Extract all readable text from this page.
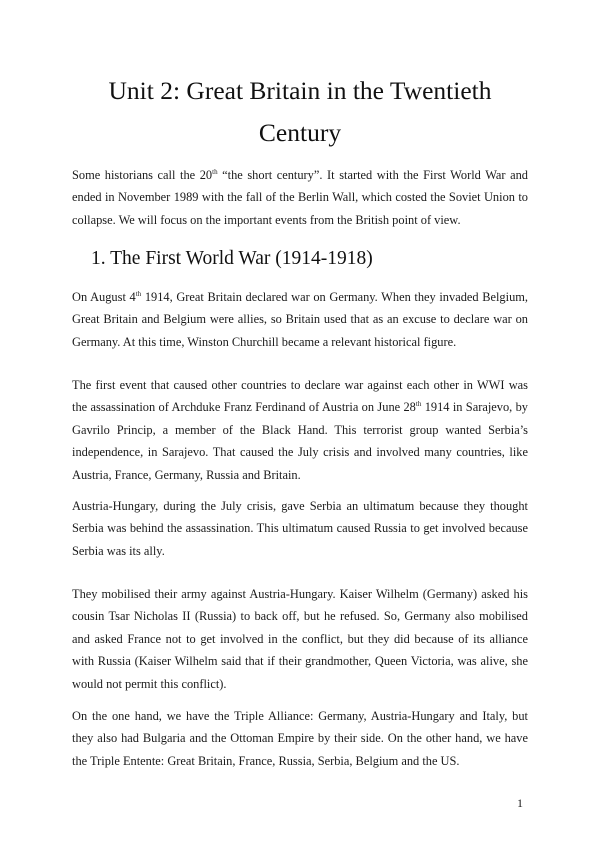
Unit 2: Great Britain in the Twentieth
Century

Some historians call the 20th “the short century”. It started with the First World War and ended in November 1989 with the fall of the Berlin Wall, which costed the Soviet Union to collapse. We will focus on the important events from the British point of view.

1. The First World War (1914-1918)

On August 4th 1914, Great Britain declared war on Germany. When they invaded Belgium, Great Britain and Belgium were allies, so Britain used that as an excuse to declare war on Germany. At this time, Winston Churchill became a relevant historical figure.

The first event that caused other countries to declare war against each other in WWI was the assassination of Archduke Franz Ferdinand of Austria on June 28th 1914 in Sarajevo, by Gavrilo Princip, a member of the Black Hand. This terrorist group wanted Serbia’s independence, in Sarajevo. That caused the July crisis and involved many countries, like Austria, France, Germany, Russia and Britain.

Austria-Hungary, during the July crisis, gave Serbia an ultimatum because they thought Serbia was behind the assassination. This ultimatum caused Russia to get involved because Serbia was its ally.

They mobilised their army against Austria-Hungary. Kaiser Wilhelm (Germany) asked his cousin Tsar Nicholas II (Russia) to back off, but he refused. So, Germany also mobilised and asked France not to get involved in the conflict, but they did because of its alliance with Russia (Kaiser Wilhelm said that if their grandmother, Queen Victoria, was alive, she would not permit this conflict).

On the one hand, we have the Triple Alliance: Germany, Austria-Hungary and Italy, but they also had Bulgaria and the Ottoman Empire by their side. On the other hand, we have the Triple Entente: Great Britain, France, Russia, Serbia, Belgium and the US.

1
